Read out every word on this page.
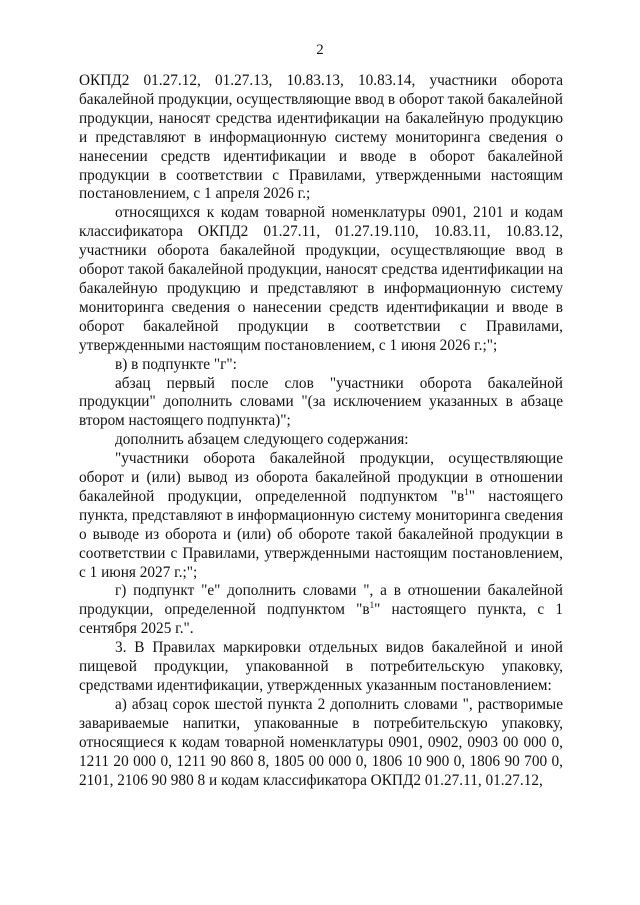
2

ОКПД2 01.27.12, 01.27.13, 10.83.13, 10.83.14, участники оборота бакалейной продукции, осуществляющие ввод в оборот такой бакалейной продукции, наносят средства идентификации на бакалейную продукцию и представляют в информационную систему мониторинга сведения о нанесении средств идентификации и вводе в оборот бакалейной продукции в соответствии с Правилами, утвержденными настоящим постановлением, с 1 апреля 2026 г.;

относящихся к кодам товарной номенклатуры 0901, 2101 и кодам классификатора ОКПД2 01.27.11, 01.27.19.110, 10.83.11, 10.83.12, участники оборота бакалейной продукции, осуществляющие ввод в оборот такой бакалейной продукции, наносят средства идентификации на бакалейную продукцию и представляют в информационную систему мониторинга сведения о нанесении средств идентификации и вводе в оборот бакалейной продукции в соответствии с Правилами, утвержденными настоящим постановлением, с 1 июня 2026 г.;";

в) в подпункте "г":

абзац первый после слов "участники оборота бакалейной продукции" дополнить словами "(за исключением указанных в абзаце втором настоящего подпункта)";

дополнить абзацем следующего содержания:

"участники оборота бакалейной продукции, осуществляющие оборот и (или) вывод из оборота бакалейной продукции в отношении бакалейной продукции, определенной подпунктом "$в^1$" настоящего пункта, представляют в информационную систему мониторинга сведения о выводе из оборота и (или) об обороте такой бакалейной продукции в соответствии с Правилами, утвержденными настоящим постановлением, с 1 июня 2027 г.;";

г) подпункт "е" дополнить словами ", а в отношении бакалейной продукции, определенной подпунктом "$в^1$" настоящего пункта, с 1 сентября 2025 г.".

3. В Правилах маркировки отдельных видов бакалейной и иной пищевой продукции, упакованной в потребительскую упаковку, средствами идентификации, утвержденных указанным постановлением:

а) абзац сорок шестой пункта 2 дополнить словами ", растворимые завариваемые напитки, упакованные в потребительскую упаковку, относящиеся к кодам товарной номенклатуры 0901, 0902, 0903 00 000 0, 1211 20 000 0, 1211 90 860 8, 1805 00 000 0, 1806 10 900 0, 1806 90 700 0, 2101, 2106 90 980 8 и кодам классификатора ОКПД2 01.27.11, 01.27.12,
